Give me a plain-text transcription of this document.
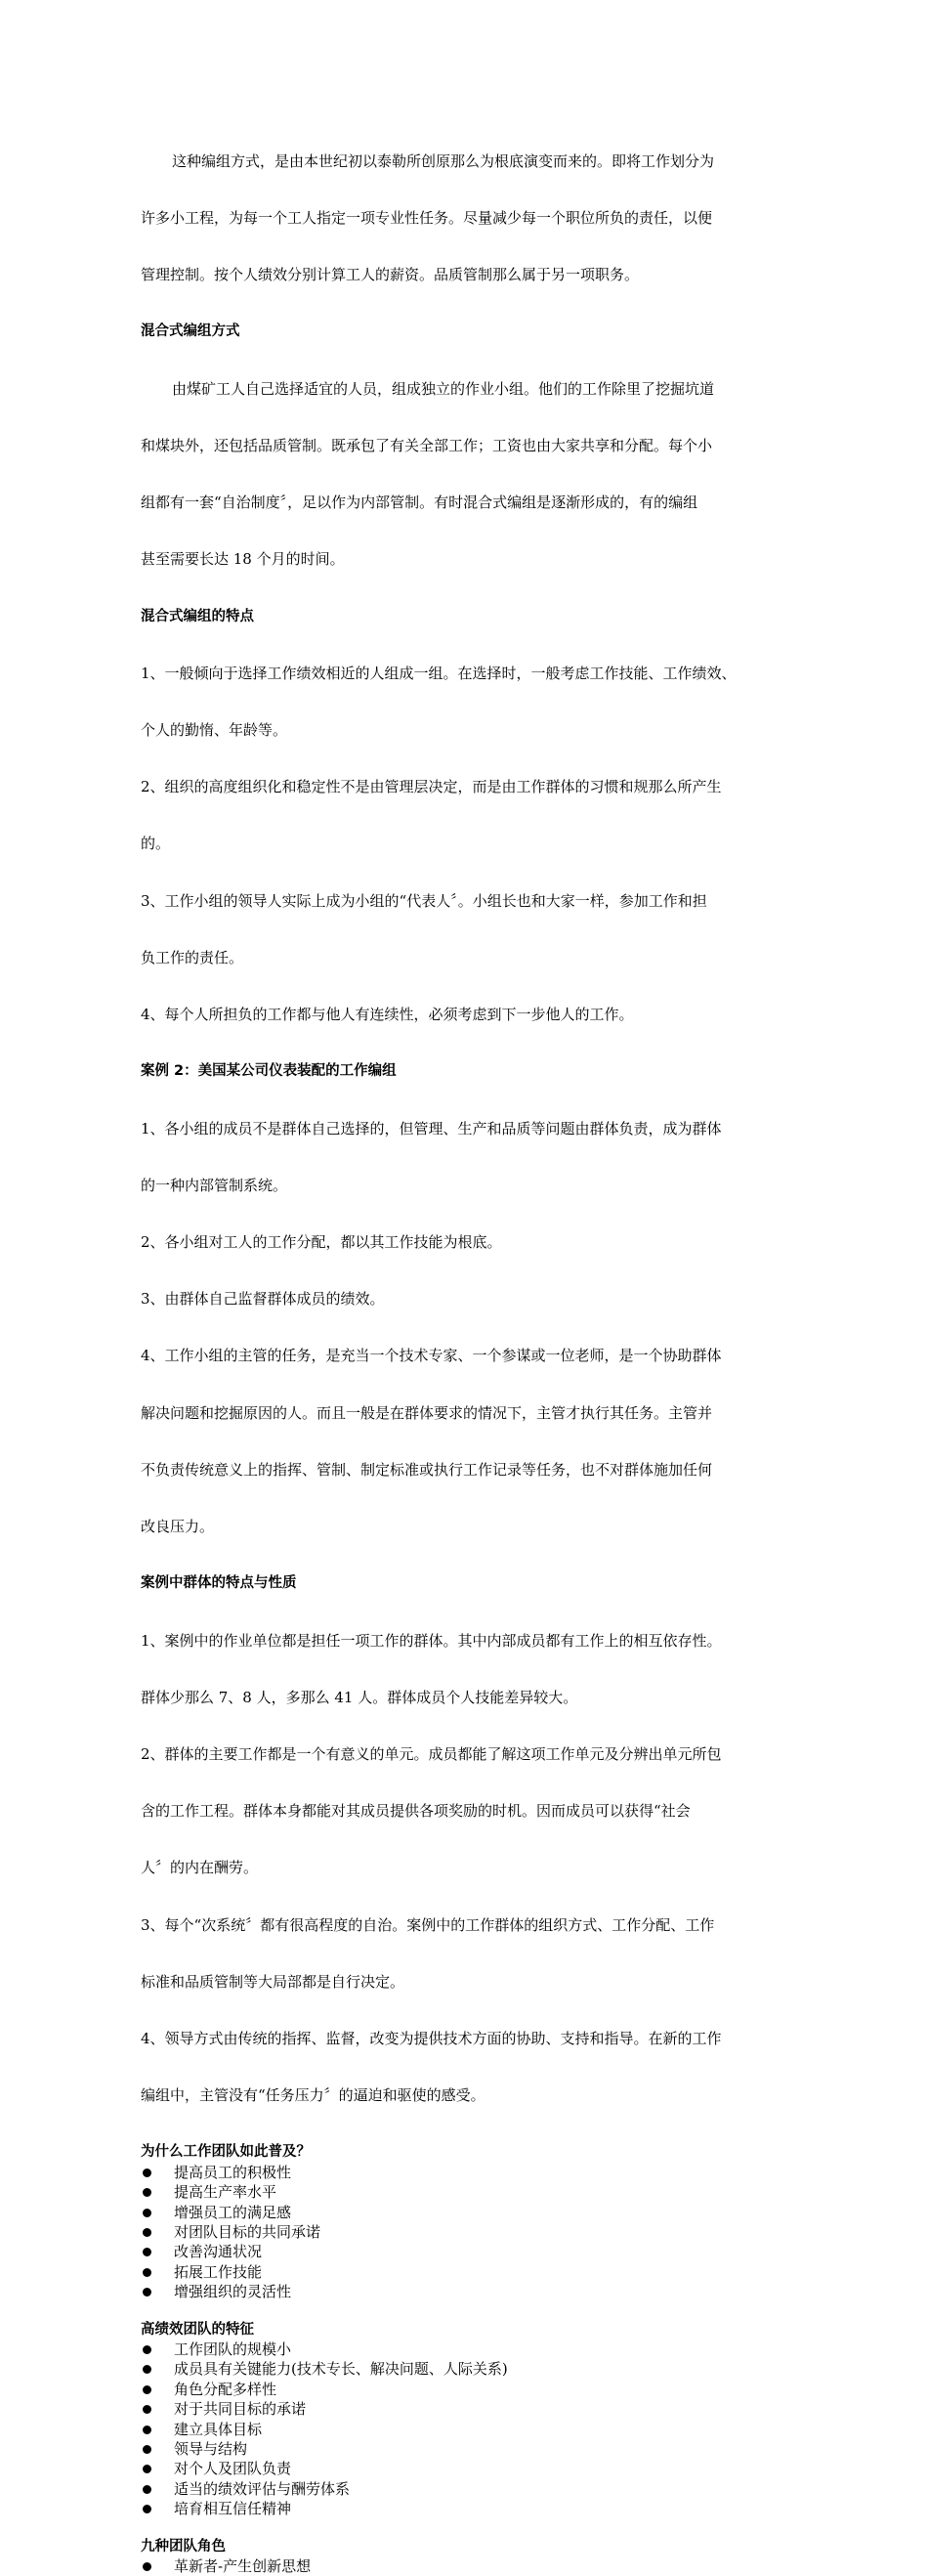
这种编组方式，是由本世纪初以泰勒所创原那么为根底演变而来的。即将工作划分为

许多小工程，为每一个工人指定一项专业性任务。尽量减少每一个职位所负的责任，以便

管理控制。按个人绩效分别计算工人的薪资。品质管制那么属于另一项职务。

混合式编组方式

由煤矿工人自己选择适宜的人员，组成独立的作业小组。他们的工作除里了挖掘坑道

和煤块外，还包括品质管制。既承包了有关全部工作；工资也由大家共享和分配。每个小

组都有一套“自治制度〞，足以作为内部管制。有时混合式编组是逐渐形成的，有的编组

甚至需要长达 18 个月的时间。

混合式编组的特点

1、一般倾向于选择工作绩效相近的人组成一组。在选择时，一般考虑工作技能、工作绩效、

个人的勤惰、年龄等。

2、组织的高度组织化和稳定性不是由管理层决定，而是由工作群体的习惯和规那么所产生

的。

3、工作小组的领导人实际上成为小组的“代表人〞。小组长也和大家一样，参加工作和担

负工作的责任。

4、每个人所担负的工作都与他人有连续性，必须考虑到下一步他人的工作。

案例 2：美国某公司仪表装配的工作编组

1、各小组的成员不是群体自己选择的，但管理、生产和品质等问题由群体负责，成为群体

的一种内部管制系统。

2、各小组对工人的工作分配，都以其工作技能为根底。

3、由群体自己监督群体成员的绩效。

4、工作小组的主管的任务，是充当一个技术专家、一个参谋或一位老师，是一个协助群体

解决问题和挖掘原因的人。而且一般是在群体要求的情况下，主管才执行其任务。主管并

不负责传统意义上的指挥、管制、制定标准或执行工作记录等任务，也不对群体施加任何

改良压力。

案例中群体的特点与性质

1、案例中的作业单位都是担任一项工作的群体。其中内部成员都有工作上的相互依存性。

群体少那么 7、8 人，多那么 41 人。群体成员个人技能差异较大。

2、群体的主要工作都是一个有意义的单元。成员都能了解这项工作单元及分辨出单元所包

含的工作工程。群体本身都能对其成员提供各项奖励的时机。因而成员可以获得“社会

人〞的内在酬劳。

3、每个“次系统〞都有很高程度的自治。案例中的工作群体的组织方式、工作分配、工作

标准和品质管制等大局部都是自行决定。

4、领导方式由传统的指挥、监督，改变为提供技术方面的协助、支持和指导。在新的工作

编组中，主管没有“任务压力〞的逼迫和驱使的感受。

为什么工作团队如此普及？
提高员工的积极性
提高生产率水平
增强员工的满足感
对团队目标的共同承诺
改善沟通状况
拓展工作技能
增强组织的灵活性
高绩效团队的特征
工作团队的规模小
成员具有关键能力(技术专长、解决问题、人际关系)
角色分配多样性
对于共同目标的承诺
建立具体目标
领导与结构
对个人及团队负责
适当的绩效评估与酬劳体系
培育相互信任精神
九种团队角色
革新者-产生创新思想
